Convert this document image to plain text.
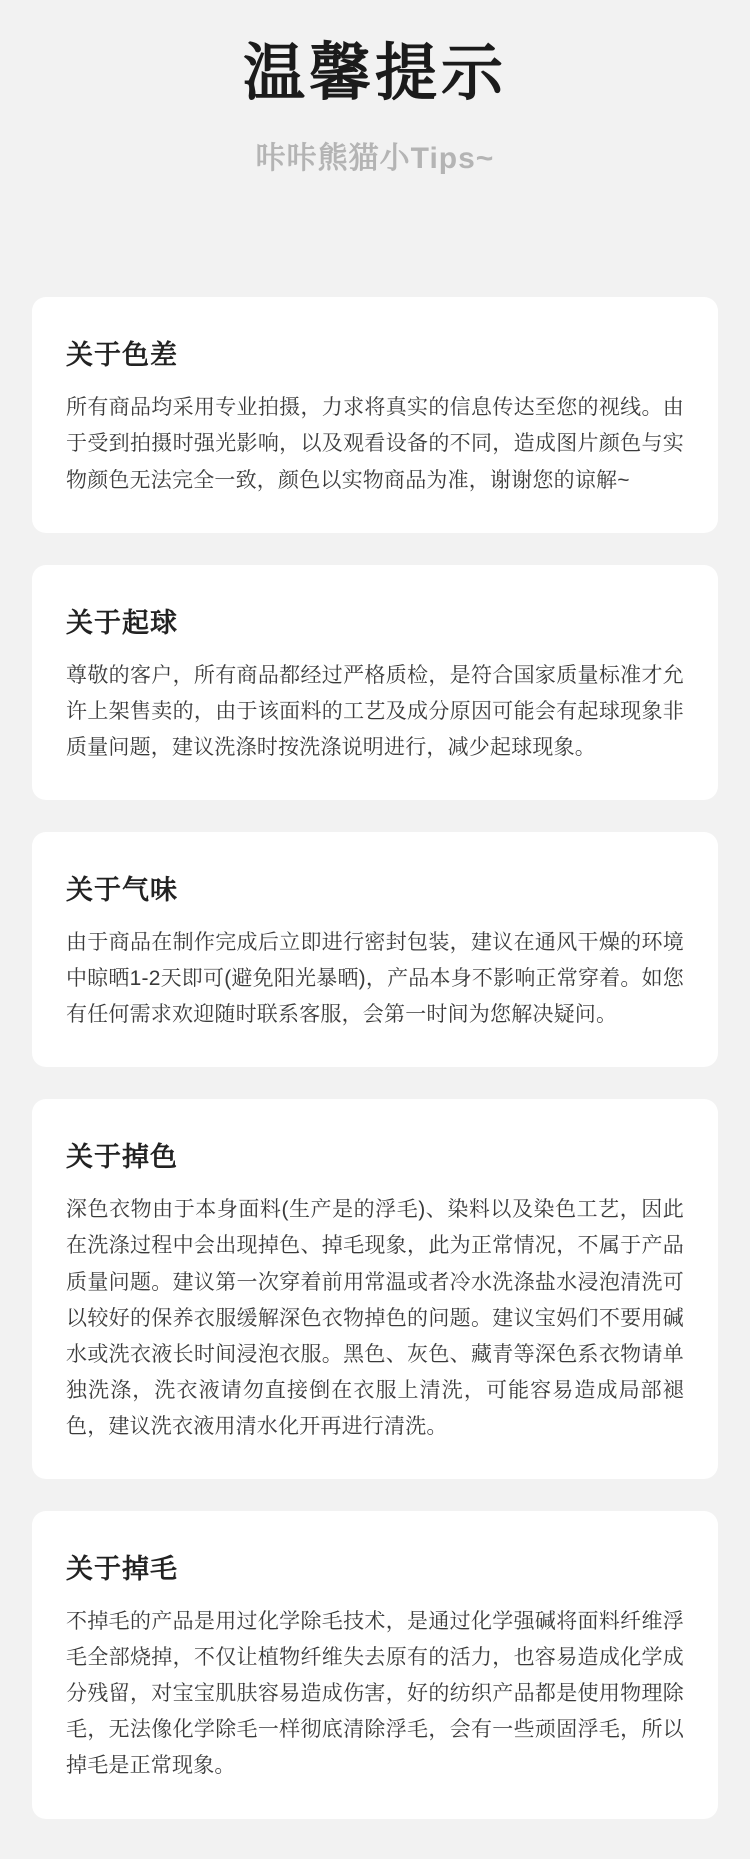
温馨提示
咔咔熊猫小Tips~
关于色差

所有商品均采用专业拍摄，力求将真实的信息传达至您的视线。由于受到拍摄时强光影响，以及观看设备的不同，造成图片颜色与实物颜色无法完全一致，颜色以实物商品为准，谢谢您的谅解~

关于起球

尊敬的客户，所有商品都经过严格质检，是符合国家质量标准才允许上架售卖的，由于该面料的工艺及成分原因可能会有起球现象非质量问题，建议洗涤时按洗涤说明进行，减少起球现象。

关于气味

由于商品在制作完成后立即进行密封包装，建议在通风干燥的环境中晾晒1-2天即可(避免阳光暴晒)，产品本身不影响正常穿着。如您有任何需求欢迎随时联系客服，会第一时间为您解决疑问。

关于掉色

深色衣物由于本身面料(生产是的浮毛)、染料以及染色工艺，因此在洗涤过程中会出现掉色、掉毛现象，此为正常情况，不属于产品质量问题。建议第一次穿着前用常温或者冷水洗涤盐水浸泡清洗可以较好的保养衣服缓解深色衣物掉色的问题。建议宝妈们不要用碱水或洗衣液长时间浸泡衣服。黑色、灰色、藏青等深色系衣物请单独洗涤，洗衣液请勿直接倒在衣服上清洗，可能容易造成局部褪色，建议洗衣液用清水化开再进行清洗。

关于掉毛

不掉毛的产品是用过化学除毛技术，是通过化学强碱将面料纤维浮毛全部烧掉，不仅让植物纤维失去原有的活力，也容易造成化学成分残留，对宝宝肌肤容易造成伤害，好的纺织产品都是使用物理除毛，无法像化学除毛一样彻底清除浮毛，会有一些顽固浮毛，所以掉毛是正常现象。
